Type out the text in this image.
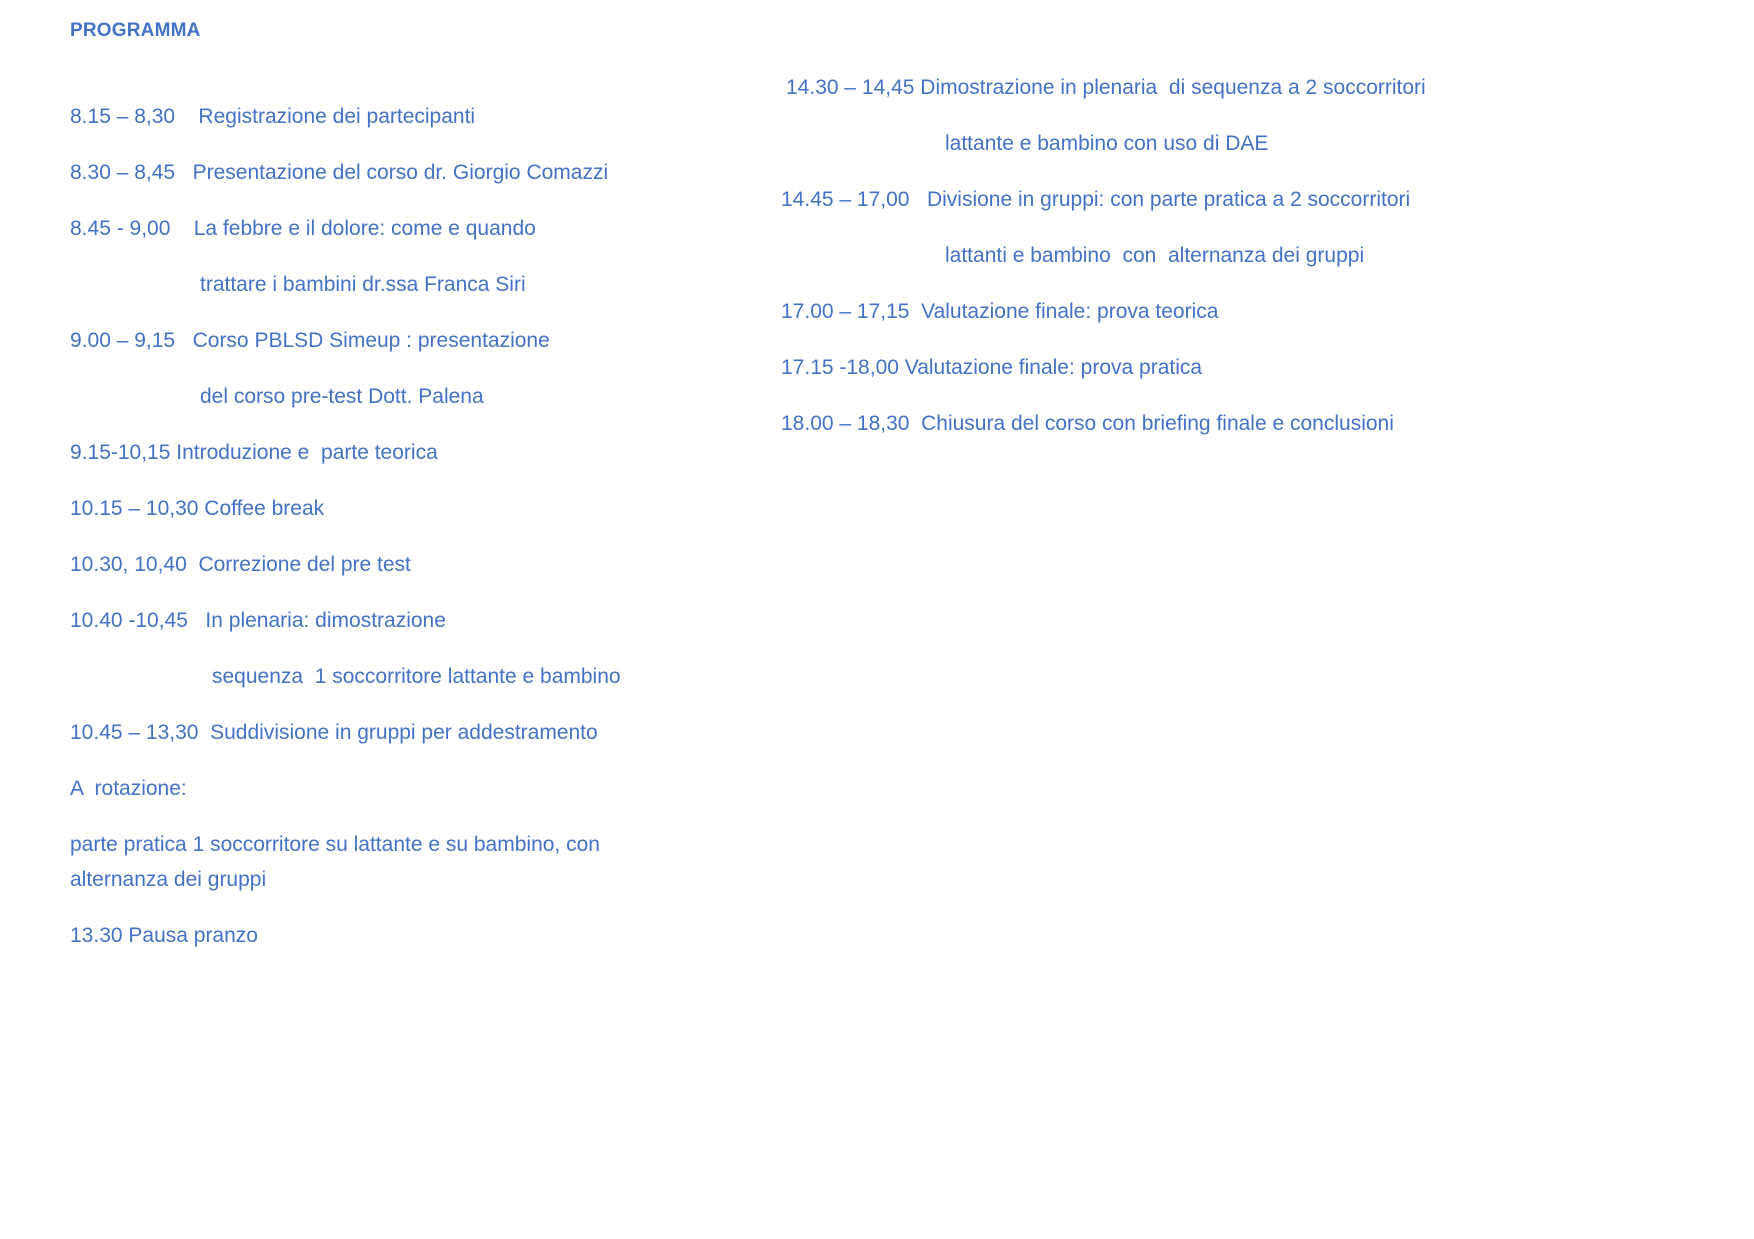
PROGRAMMA
8.15 – 8,30    Registrazione dei partecipanti
8.30 – 8,45   Presentazione del corso dr. Giorgio Comazzi
8.45 - 9,00    La febbre e il dolore: come e quando
trattare i bambini dr.ssa Franca Siri
9.00 – 9,15   Corso PBLSD Simeup : presentazione
del corso pre-test Dott. Palena
9.15-10,15 Introduzione e  parte teorica
10.15 – 10,30 Coffee break
10.30, 10,40  Correzione del pre test
10.40 -10,45   In plenaria: dimostrazione
sequenza  1 soccorritore lattante e bambino
10.45 – 13,30  Suddivisione in gruppi per addestramento
A  rotazione:
parte pratica 1 soccorritore su lattante e su bambino, con alternanza dei gruppi
13.30 Pausa pranzo
14.30 – 14,45 Dimostrazione in plenaria  di sequenza a 2 soccorritori
lattante e bambino con uso di DAE
14.45 – 17,00   Divisione in gruppi: con parte pratica a 2 soccorritori
lattanti e bambino  con  alternanza dei gruppi
17.00 – 17,15  Valutazione finale: prova teorica
17.15 -18,00 Valutazione finale: prova pratica
18.00 – 18,30  Chiusura del corso con briefing finale e conclusioni
